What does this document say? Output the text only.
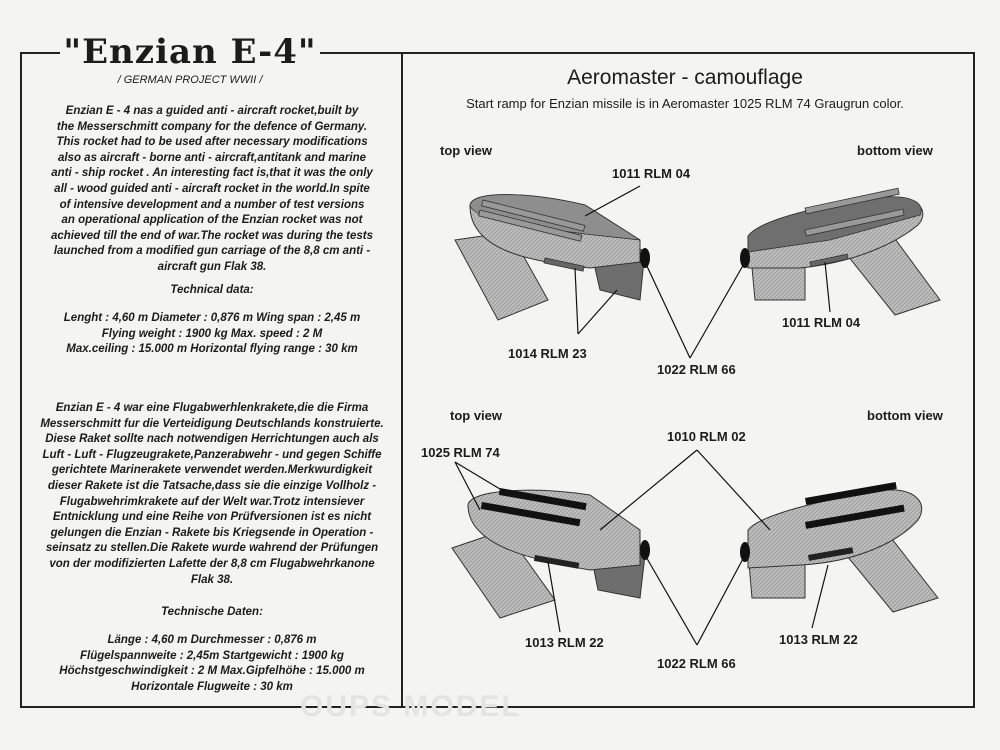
"Enzian E-4"
/ GERMAN PROJECT WWII /

Enzian E - 4 nas a guided anti - aircraft rocket,built by
the Messerschmitt company for the defence of Germany.
This rocket had to be used after necessary modifications
also as aircraft - borne anti - aircraft,antitank and marine
anti - ship rocket . An interesting fact is,that it was the only
all - wood guided anti - aircraft rocket in the world.In spite
of intensive development and a number of test versions
an operational application of the Enzian rocket was not
achieved till the end of war.The rocket was during the tests
launched from a modified gun carriage of the 8,8 cm anti -
aircraft gun Flak 38.

Technical data:

Lenght : 4,60 m Diameter : 0,876 m Wing span : 2,45 m
Flying weight : 1900 kg Max. speed : 2 M
Max.ceiling : 15.000 m Horizontal flying range : 30 km

Enzian E - 4 war eine Flugabwerhlenkrakete,die die Firma
Messerschmitt fur die Verteidigung Deutschlands konstruierte.
Diese Raket sollte nach notwendigen Herrichtungen auch als
Luft - Luft - Flugzeugrakete,Panzerabwehr - und gegen Schiffe
gerichtete Marinerakete verwendet werden.Merkwurdigkeit
dieser Rakete ist die Tatsache,dass sie die einzige Vollholz -
Flugabwehrimkrakete auf der Welt war.Trotz intensiever
Entnicklung und eine Reihe von Prüfversionen ist es nicht
gelungen die Enzian - Rakete bis Kriegsende in Operation -
seinsatz zu stellen.Die Rakete wurde wahrend der Prüfungen
von der modifizierten Lafette der 8,8 cm Flugabwehrkanone
Flak 38.

Technische Daten:

Länge : 4,60 m Durchmesser : 0,876 m
Flügelspannweite : 2,45m Startgewicht : 1900 kg
Höchstgeschwindigkeit : 2 M Max.Gipfelhöhe : 15.000 m
Horizontale Flugweite : 30 km

Aeromaster - camouflage
Start ramp for Enzian missile is in Aeromaster 1025 RLM 74 Graugrun color.
top view	bottom view
top view	bottom view
1011 RLM 04
1011 RLM 04
1014 RLM 23
1022 RLM 66
1010 RLM 02
1025 RLM 74
1013 RLM 22	1013 RLM 22
1022 RLM 66
OUPS MODEL
